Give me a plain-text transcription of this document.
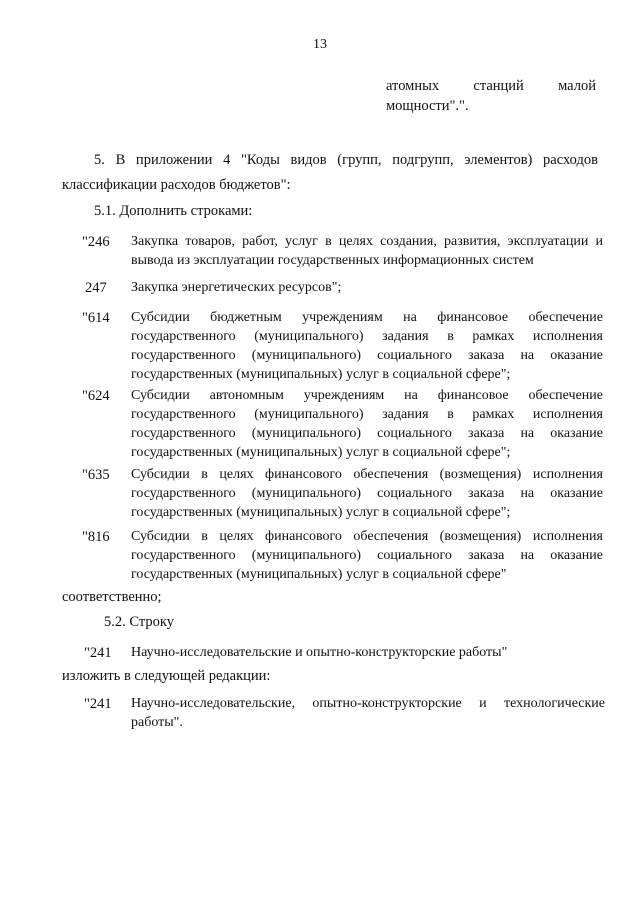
13
атомных станций малой
мощности".".
5. В приложении 4 "Коды видов (групп, подгрупп, элементов) расходов
классификации расходов бюджетов":
5.1. Дополнить строками:
"246 Закупка товаров, работ, услуг в целях создания, развития, эксплуатации и вывода из эксплуатации государственных информационных систем
247 Закупка энергетических ресурсов";
"614 Субсидии бюджетным учреждениям на финансовое обеспечение государственного (муниципального) задания в рамках исполнения государственного (муниципального) социального заказа на оказание государственных (муниципальных) услуг в социальной сфере";
"624 Субсидии автономным учреждениям на финансовое обеспечение государственного (муниципального) задания в рамках исполнения государственного (муниципального) социального заказа на оказание государственных (муниципальных) услуг в социальной сфере";
"635 Субсидии в целях финансового обеспечения (возмещения) исполнения государственного (муниципального) социального заказа на оказание государственных (муниципальных) услуг в социальной сфере";
"816 Субсидии в целях финансового обеспечения (возмещения) исполнения государственного (муниципального) социального заказа на оказание государственных (муниципальных) услуг в социальной сфере"
соответственно;
5.2. Строку
"241 Научно-исследовательские и опытно-конструкторские работы"
изложить в следующей редакции:
"241 Научно-исследовательские, опытно-конструкторские и технологические работы".
